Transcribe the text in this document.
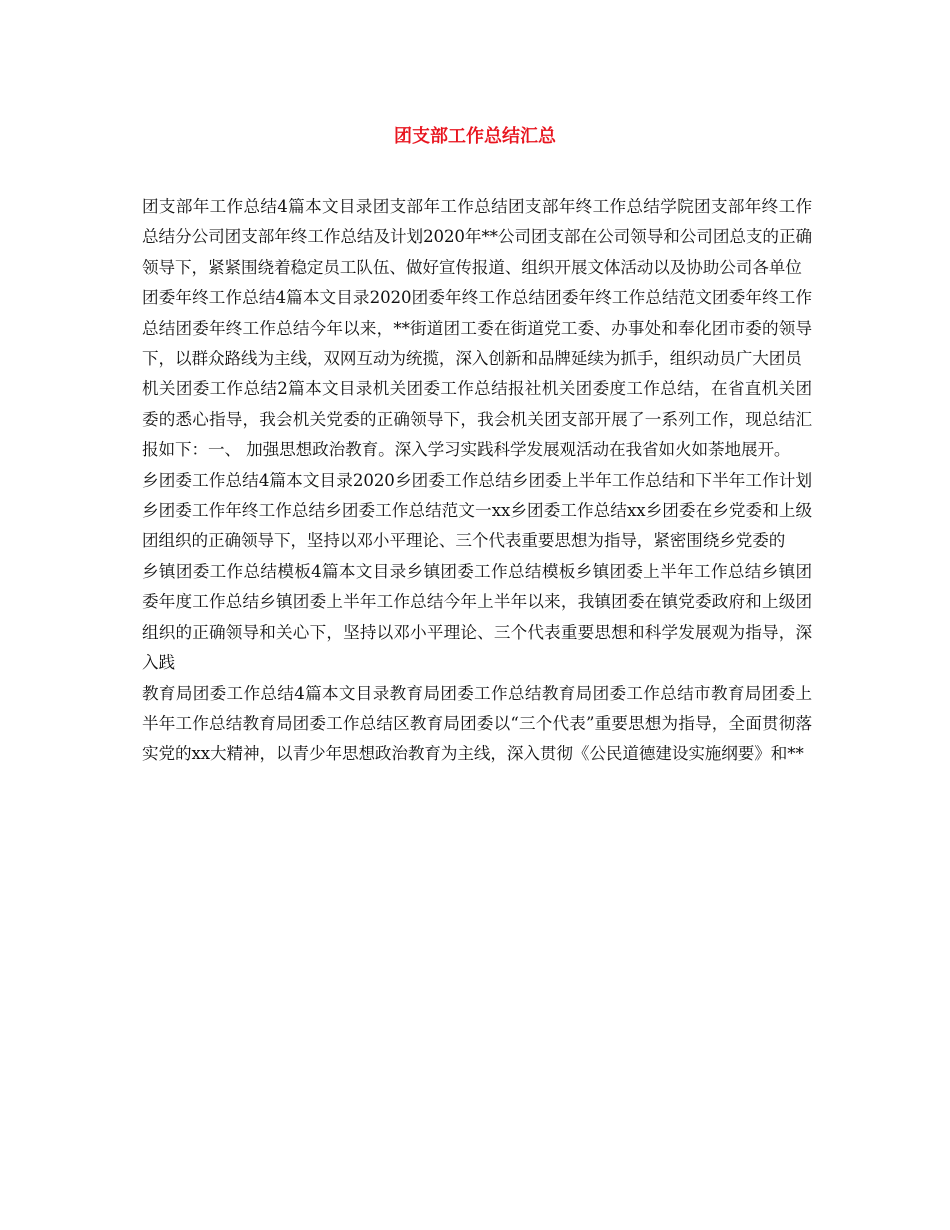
团支部工作总结汇总

团支部年工作总结4篇本文目录团支部年工作总结团支部年终工作总结学院团支部年终工作总结分公司团支部年终工作总结及计划2020年**公司团支部在公司领导和公司团总支的正确领导下，紧紧围绕着稳定员工队伍、做好宣传报道、组织开展文体活动以及协助公司各单位

团委年终工作总结4篇本文目录2020团委年终工作总结团委年终工作总结范文团委年终工作总结团委年终工作总结今年以来，**街道团工委在街道党工委、办事处和奉化团市委的领导下，以群众路线为主线，双网互动为统揽，深入创新和品牌延续为抓手，组织动员广大团员

机关团委工作总结2篇本文目录机关团委工作总结报社机关团委度工作总结，在省直机关团委的悉心指导，我会机关党委的正确领导下，我会机关团支部开展了一系列工作，现总结汇报如下：一、 加强思想政治教育。深入学习实践科学发展观活动在我省如火如荼地展开。

乡团委工作总结4篇本文目录2020乡团委工作总结乡团委上半年工作总结和下半年工作计划乡团委工作年终工作总结乡团委工作总结范文一xx乡团委工作总结xx乡团委在乡党委和上级团组织的正确领导下，坚持以邓小平理论、三个代表重要思想为指导，紧密围绕乡党委的

乡镇团委工作总结模板4篇本文目录乡镇团委工作总结模板乡镇团委上半年工作总结乡镇团委年度工作总结乡镇团委上半年工作总结今年上半年以来，我镇团委在镇党委政府和上级团组织的正确领导和关心下，坚持以邓小平理论、三个代表重要思想和科学发展观为指导，深入践

教育局团委工作总结4篇本文目录教育局团委工作总结教育局团委工作总结市教育局团委上半年工作总结教育局团委工作总结区教育局团委以“三个代表”重要思想为指导，全面贯彻落实党的xx大精神，以青少年思想政治教育为主线，深入贯彻《公民道德建设实施纲要》和**
